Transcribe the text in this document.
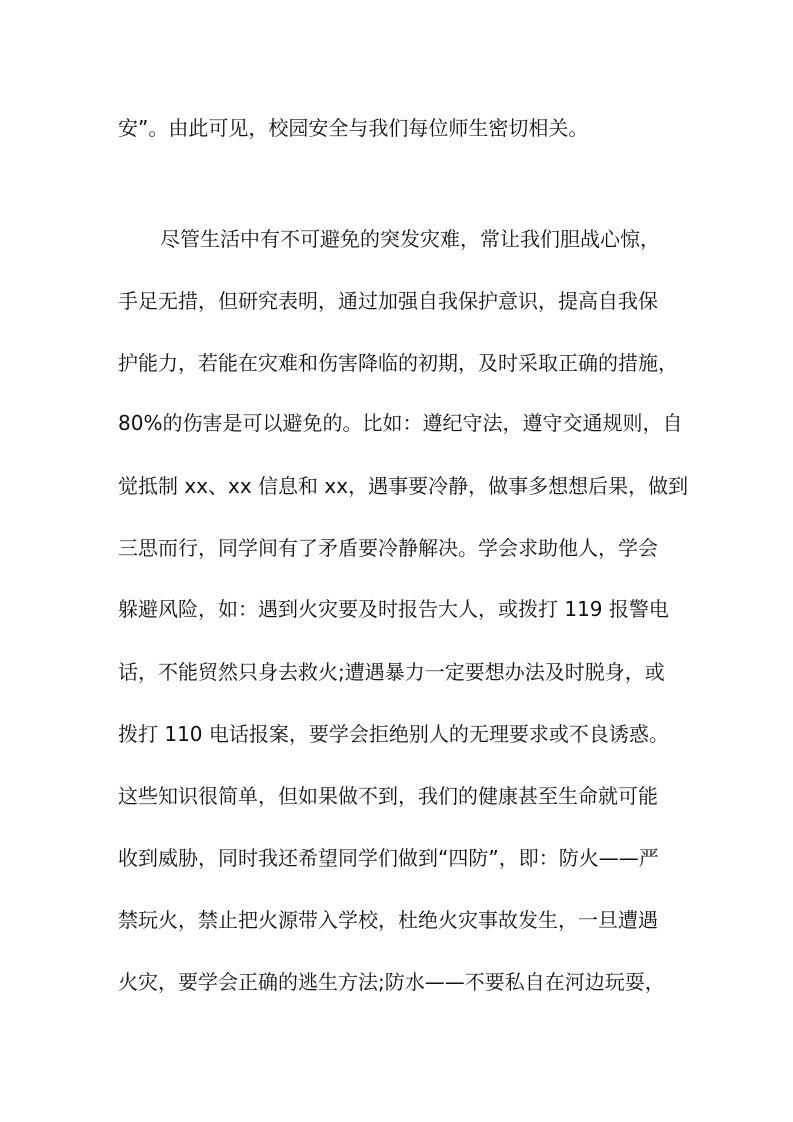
安”。由此可见，校园安全与我们每位师生密切相关。
尽管生活中有不可避免的突发灾难，常让我们胆战心惊，
手足无措，但研究表明，通过加强自我保护意识，提高自我保
护能力，若能在灾难和伤害降临的初期，及时采取正确的措施，
80%的伤害是可以避免的。比如：遵纪守法，遵守交通规则，自
觉抵制 xx、xx 信息和 xx，遇事要冷静，做事多想想后果，做到
三思而行，同学间有了矛盾要冷静解决。学会求助他人，学会
躲避风险，如：遇到火灾要及时报告大人，或拨打 119 报警电
话，不能贸然只身去救火;遭遇暴力一定要想办法及时脱身，或
拨打 110 电话报案，要学会拒绝别人的无理要求或不良诱惑。
这些知识很简单，但如果做不到，我们的健康甚至生命就可能
收到威胁，同时我还希望同学们做到“四防”，即：防火——严
禁玩火，禁止把火源带入学校，杜绝火灾事故发生，一旦遭遇
火灾，要学会正确的逃生方法;防水——不要私自在河边玩耍，
